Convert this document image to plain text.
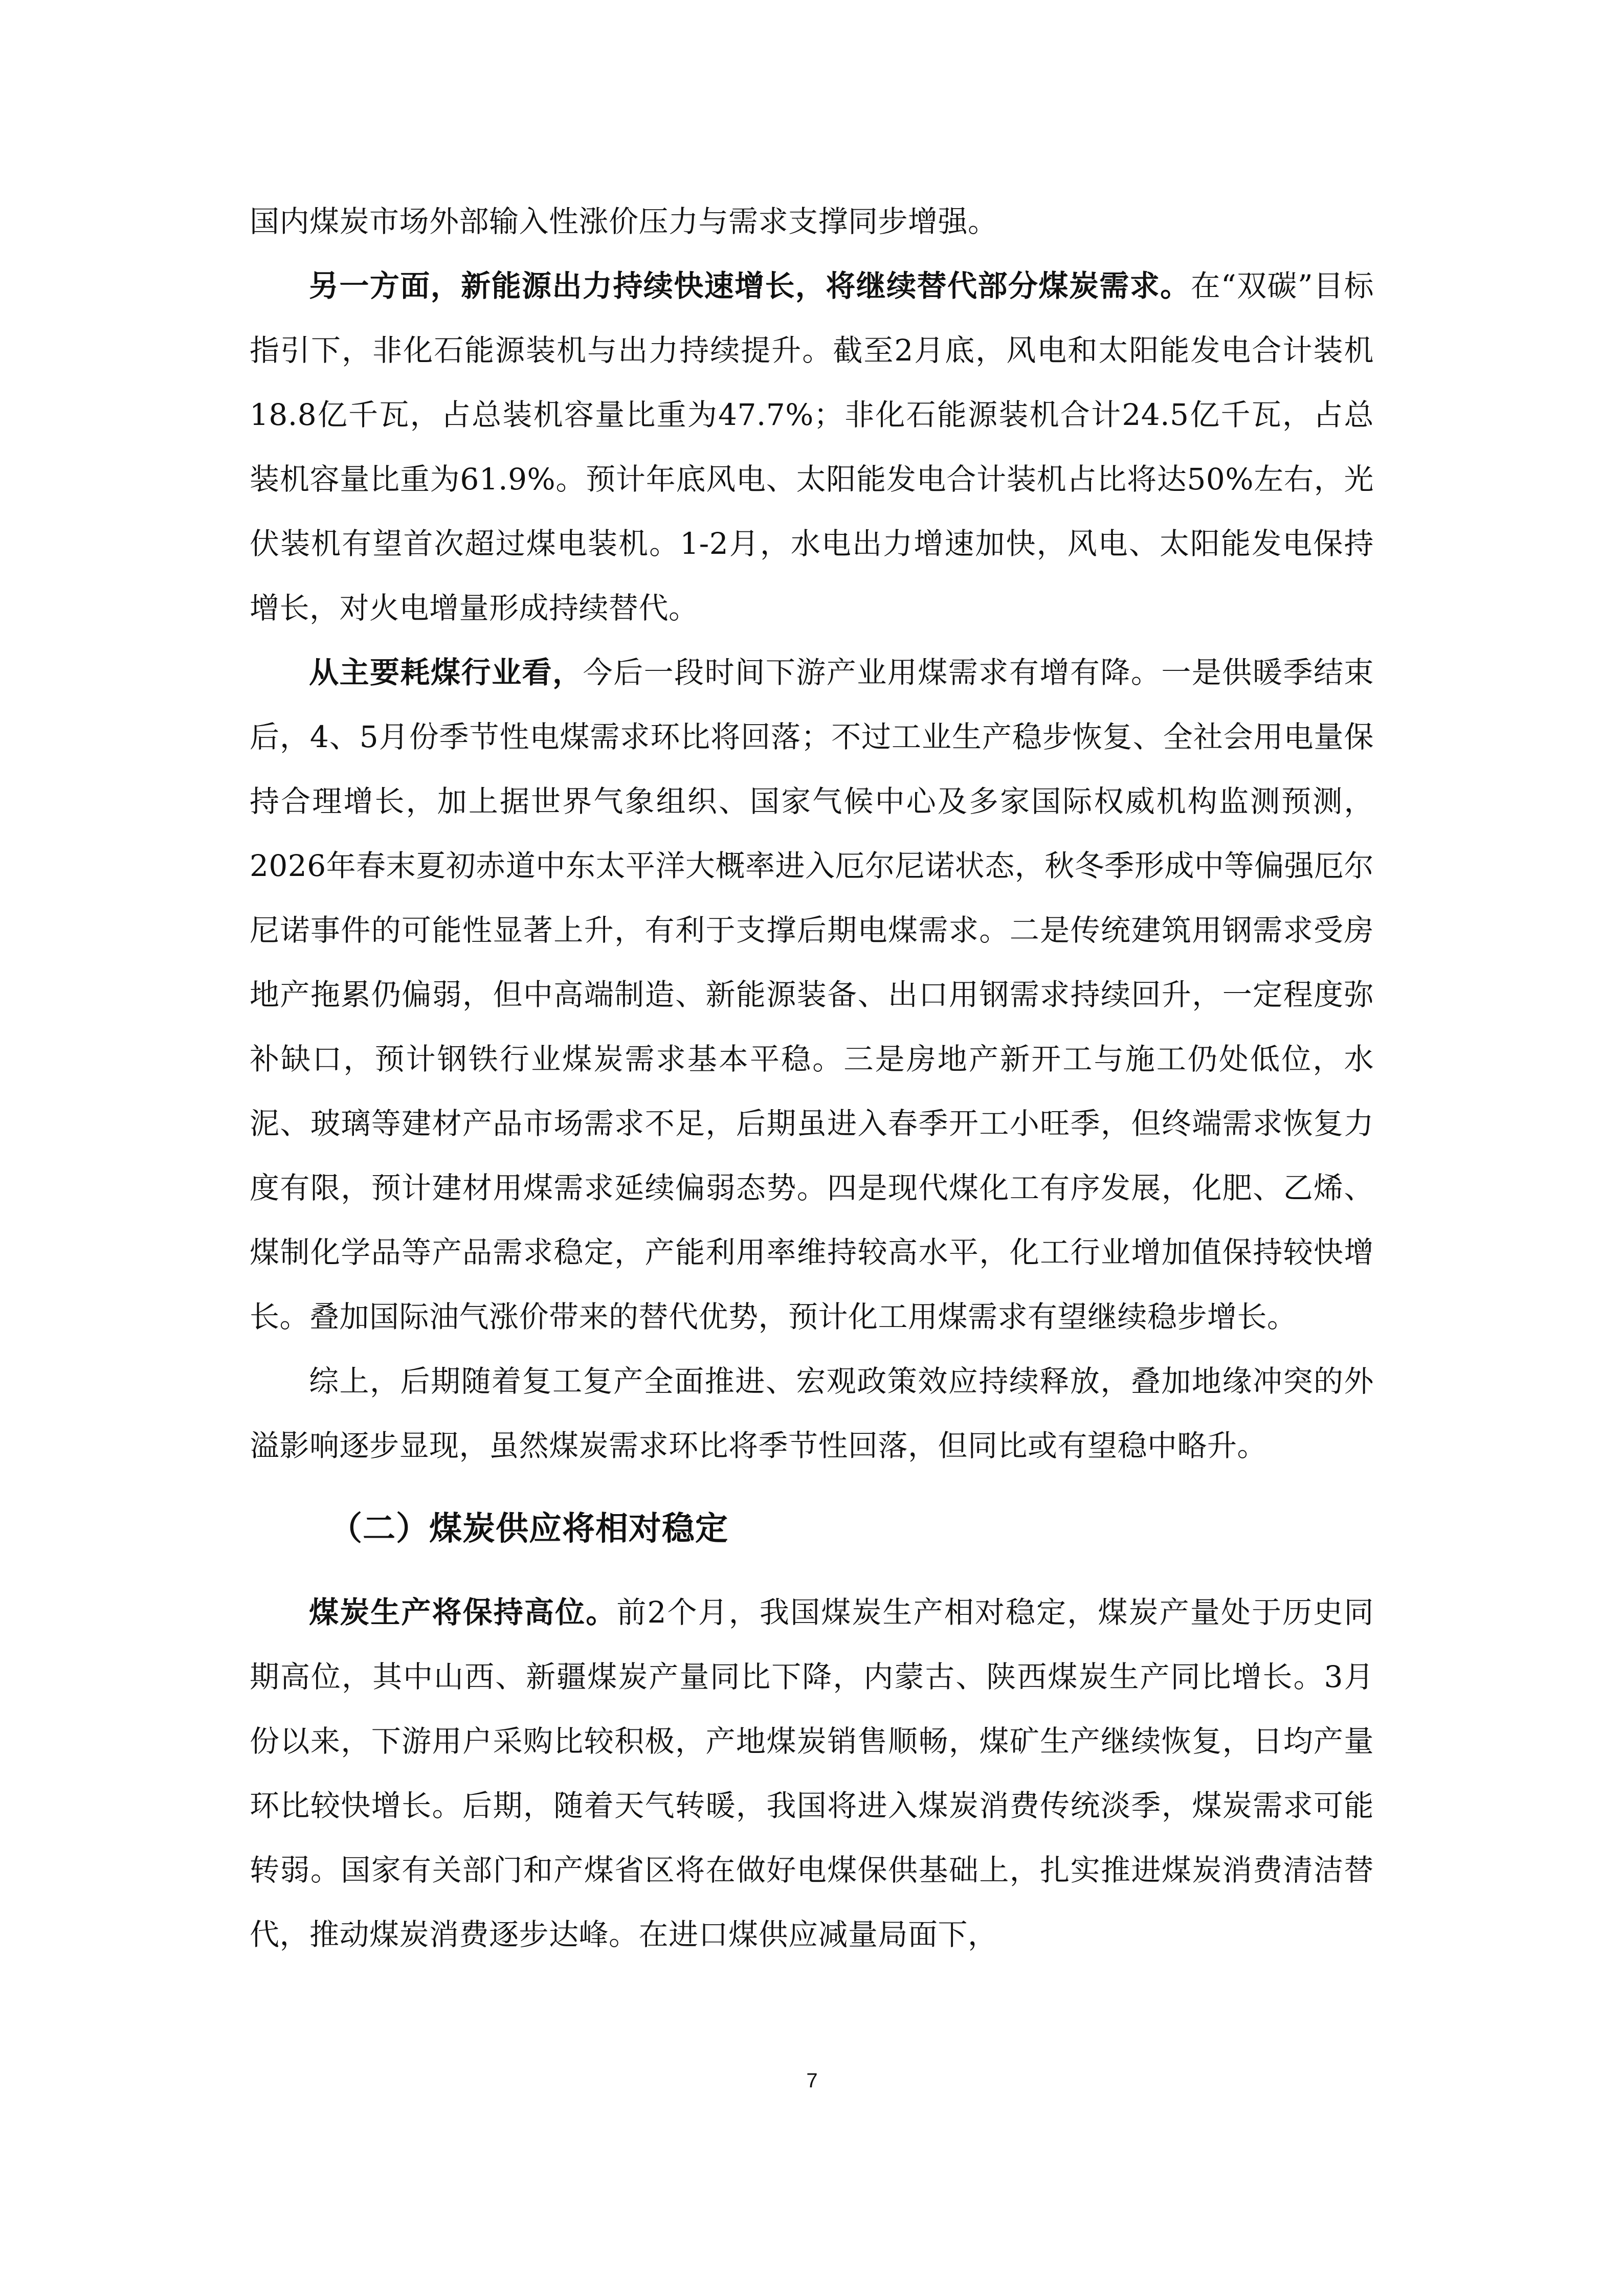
国内煤炭市场外部输入性涨价压力与需求支撑同步增强。

另一方面，新能源出力持续快速增长，将继续替代部分煤炭需求。在“双碳”目标指引下，非化石能源装机与出力持续提升。截至2月底，风电和太阳能发电合计装机18.8亿千瓦，占总装机容量比重为47.7%；非化石能源装机合计24.5亿千瓦，占总装机容量比重为61.9%。预计年底风电、太阳能发电合计装机占比将达50%左右，光伏装机有望首次超过煤电装机。1-2月，水电出力增速加快，风电、太阳能发电保持增长，对火电增量形成持续替代。

从主要耗煤行业看，今后一段时间下游产业用煤需求有增有降。一是供暖季结束后，4、5月份季节性电煤需求环比将回落；不过工业生产稳步恢复、全社会用电量保持合理增长，加上据世界气象组织、国家气候中心及多家国际权威机构监测预测，2026年春末夏初赤道中东太平洋大概率进入厄尔尼诺状态，秋冬季形成中等偏强厄尔尼诺事件的可能性显著上升，有利于支撑后期电煤需求。二是传统建筑用钢需求受房地产拖累仍偏弱，但中高端制造、新能源装备、出口用钢需求持续回升，一定程度弥补缺口，预计钢铁行业煤炭需求基本平稳。三是房地产新开工与施工仍处低位，水泥、玻璃等建材产品市场需求不足，后期虽进入春季开工小旺季，但终端需求恢复力度有限，预计建材用煤需求延续偏弱态势。四是现代煤化工有序发展，化肥、乙烯、煤制化学品等产品需求稳定，产能利用率维持较高水平，化工行业增加值保持较快增长。叠加国际油气涨价带来的替代优势，预计化工用煤需求有望继续稳步增长。

综上，后期随着复工复产全面推进、宏观政策效应持续释放，叠加地缘冲突的外溢影响逐步显现，虽然煤炭需求环比将季节性回落，但同比或有望稳中略升。

（二）煤炭供应将相对稳定

煤炭生产将保持高位。前2个月，我国煤炭生产相对稳定，煤炭产量处于历史同期高位，其中山西、新疆煤炭产量同比下降，内蒙古、陕西煤炭生产同比增长。3月份以来，下游用户采购比较积极，产地煤炭销售顺畅，煤矿生产继续恢复，日均产量环比较快增长。后期，随着天气转暖，我国将进入煤炭消费传统淡季，煤炭需求可能转弱。国家有关部门和产煤省区将在做好电煤保供基础上，扎实推进煤炭消费清洁替代，推动煤炭消费逐步达峰。在进口煤供应减量局面下，

7
